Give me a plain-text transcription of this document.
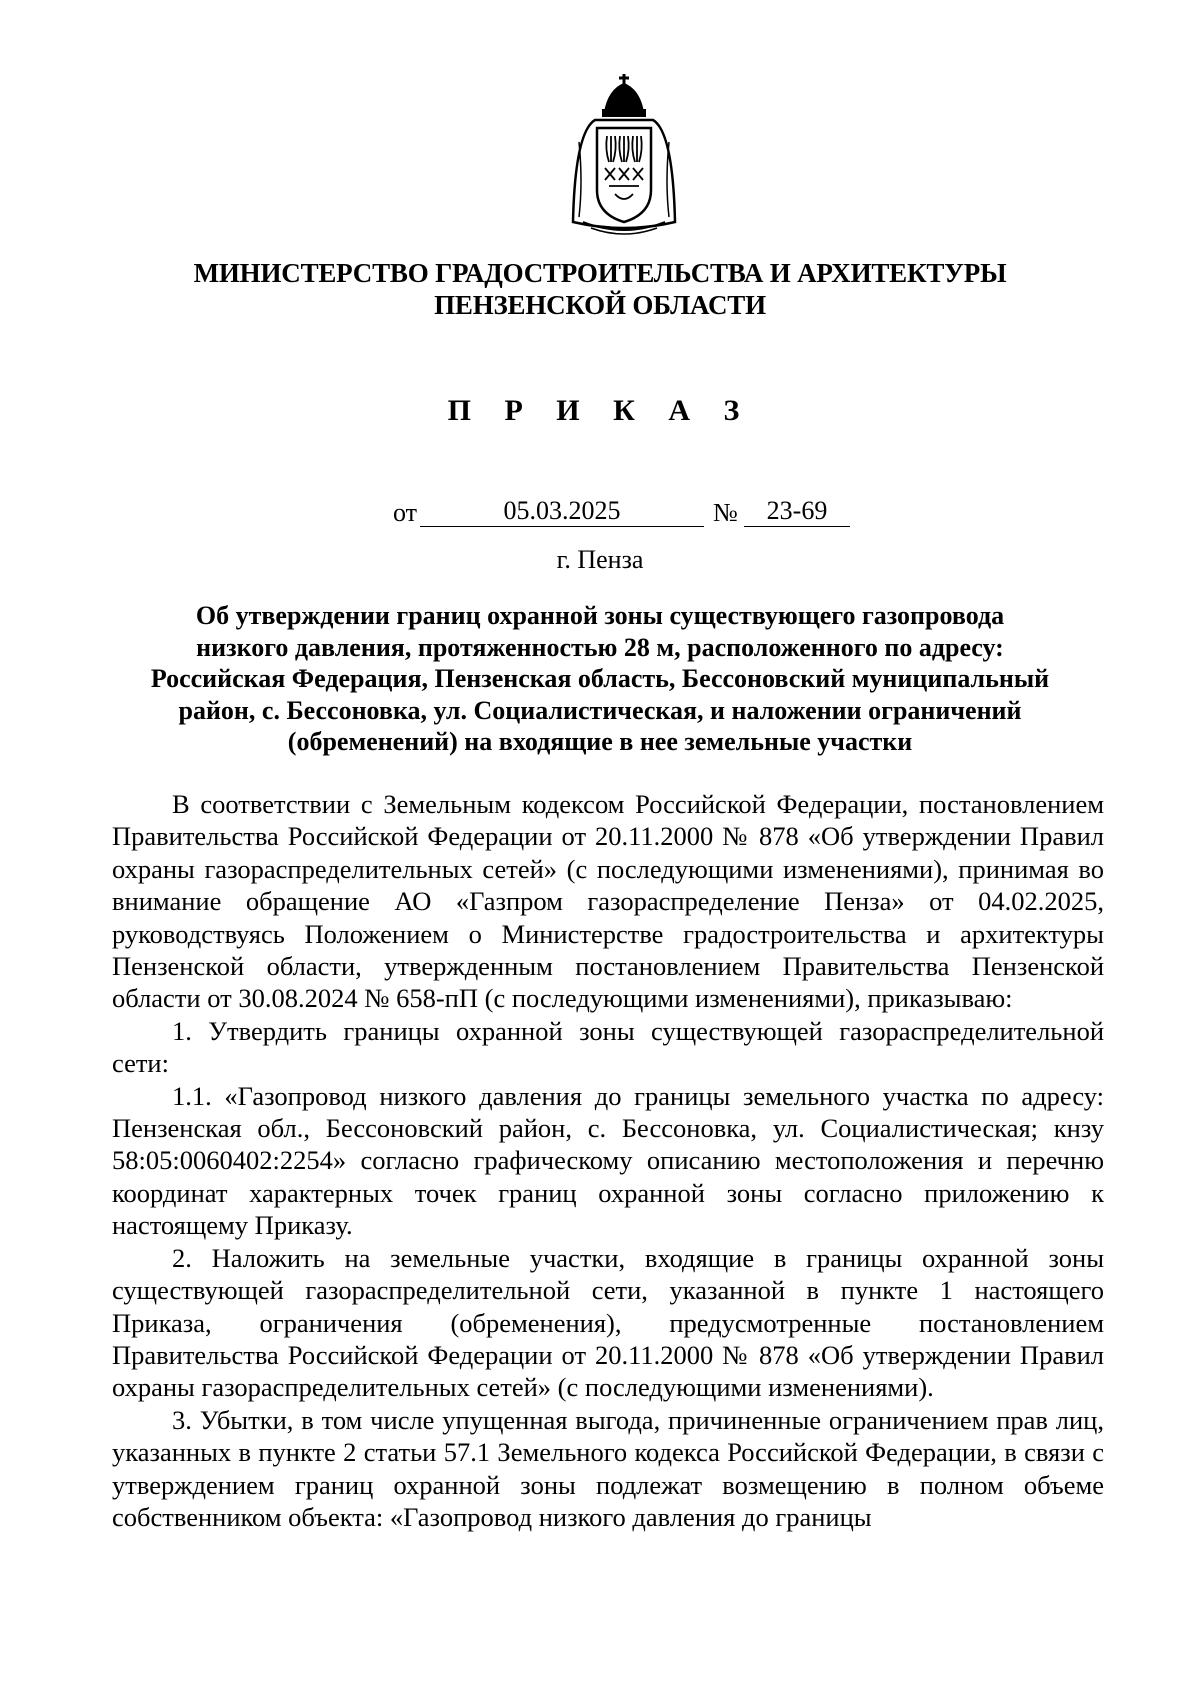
МИНИСТЕРСТВО ГРАДОСТРОИТЕЛЬСТВА И АРХИТЕКТУРЫ
ПЕНЗЕНСКОЙ ОБЛАСТИ
П Р И К А З
от	05.03.2025	№	23-69
г. Пенза
Об утверждении границ охранной зоны существующего газопровода
низкого давления, протяженностью 28 м, расположенного по адресу:
Российская Федерация, Пензенская область, Бессоновский муниципальный
район, с. Бессоновка, ул. Социалистическая, и наложении ограничений
(обременений) на входящие в нее земельные участки

В соответствии с Земельным кодексом Российской Федерации, постановлением Правительства Российской Федерации от 20.11.2000 № 878 «Об утверждении Правил охраны газораспределительных сетей» (с последующими изменениями), принимая во внимание обращение АО «Газпром газораспределение Пенза» от 04.02.2025, руководствуясь Положением о Министерстве градостроительства и архитектуры Пензенской области, утвержденным постановлением Правительства Пензенской области от 30.08.2024 № 658-пП (с последующими изменениями), приказываю:

1. Утвердить границы охранной зоны существующей газораспределительной сети:

1.1. «Газопровод низкого давления до границы земельного участка по адресу: Пензенская обл., Бессоновский район, с. Бессоновка, ул. Социалистическая; кнзу 58:05:0060402:2254» согласно графическому описанию местоположения и перечню координат характерных точек границ охранной зоны согласно приложению к настоящему Приказу.

2. Наложить на земельные участки, входящие в границы охранной зоны существующей газораспределительной сети, указанной в пункте 1 настоящего Приказа, ограничения (обременения), предусмотренные постановлением Правительства Российской Федерации от 20.11.2000 № 878 «Об утверждении Правил охраны газораспределительных сетей» (с последующими изменениями).

3. Убытки, в том числе упущенная выгода, причиненные ограничением прав лиц, указанных в пункте 2 статьи 57.1 Земельного кодекса Российской Федерации, в связи с утверждением границ охранной зоны подлежат возмещению в полном объеме собственником объекта: «Газопровод низкого давления до границы
